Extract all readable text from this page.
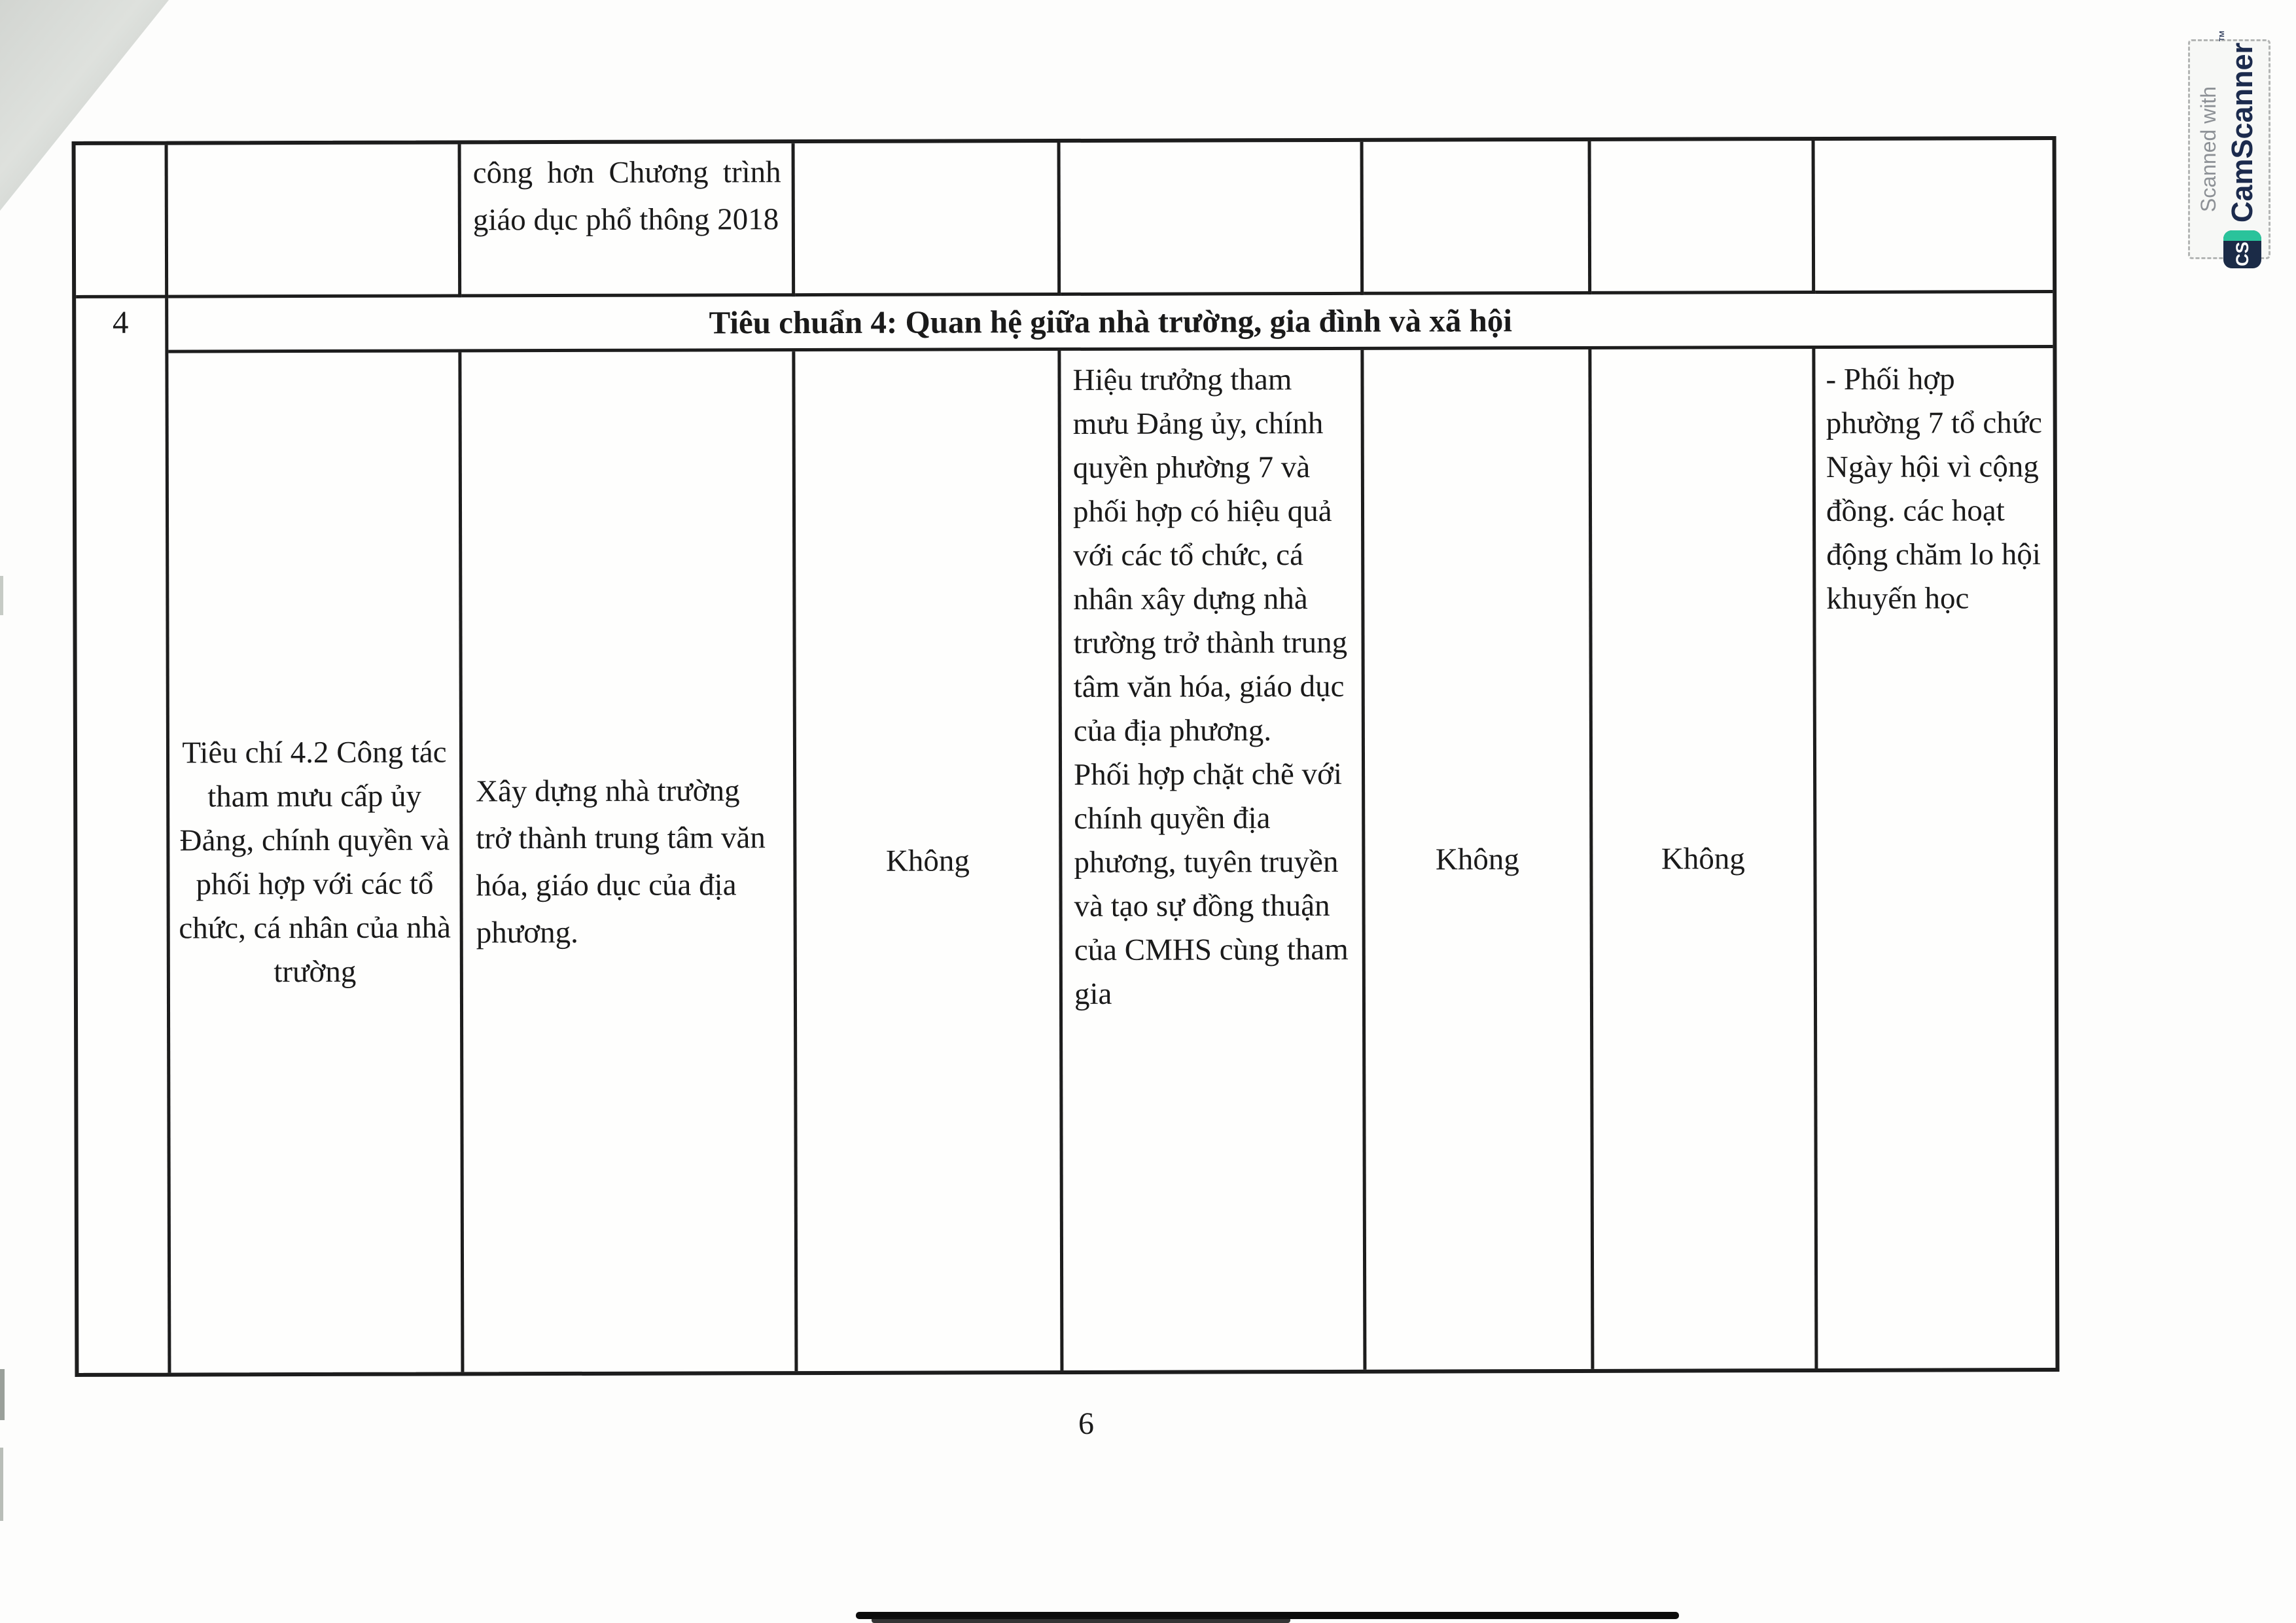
công hơn Chương trình giáo dục phổ thông 2018
4	Tiêu chuẩn 4: Quan hệ giữa nhà trường, gia đình và xã hội
Tiêu chí 4.2 Công tác tham mưu cấp ủy Đảng, chính quyền và phối hợp với các tổ chức, cá nhân của nhà trường
Xây dựng nhà trường trở thành trung tâm văn hóa, giáo dục của địa phương.
Không
Hiệu trưởng tham mưu Đảng ủy, chính quyền phường 7 và phối hợp có hiệu quả với các tổ chức, cá nhân xây dựng nhà trường trở thành trung tâm văn hóa, giáo dục của địa phương.
Phối hợp chặt chẽ với chính quyền địa phương, tuyên truyền và tạo sự đồng thuận của CMHS cùng tham gia
Không	Không
- Phối hợp phường 7 tổ chức Ngày hội vì cộng đồng. các hoạt động chăm lo hội khuyến học
6
Scanned with
CS
CamScanner™
